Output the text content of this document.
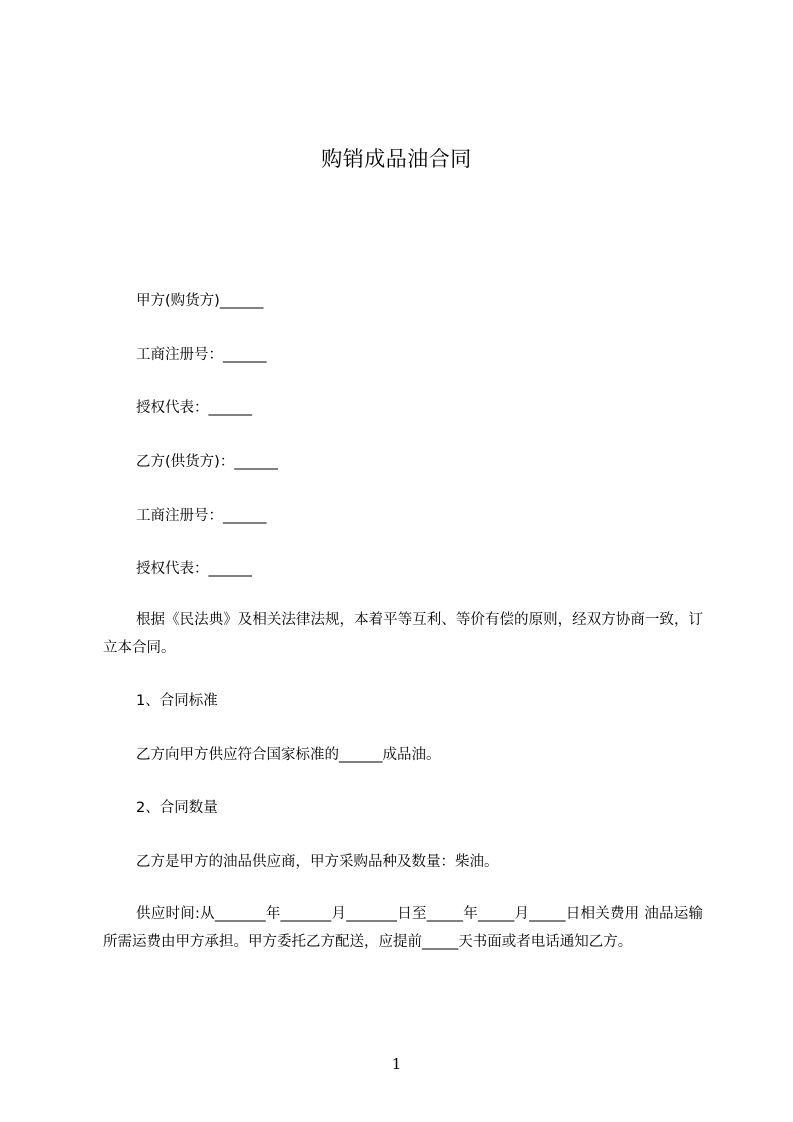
购销成品油合同
甲方(购货方)______
工商注册号：______
授权代表：______
乙方(供货方)：______
工商注册号：______
授权代表：______
根据《民法典》及相关法律法规，本着平等互利、等价有偿的原则，经双方协商一致，订立本合同。
1、合同标准
乙方向甲方供应符合国家标准的______成品油。
2、合同数量
乙方是甲方的油品供应商，甲方采购品种及数量：柴油。
供应时间:从_______年_______月_______日至_____年_____月_____日相关费用 油品运输所需运费由甲方承担。甲方委托乙方配送，应提前_____天书面或者电话通知乙方。
1
